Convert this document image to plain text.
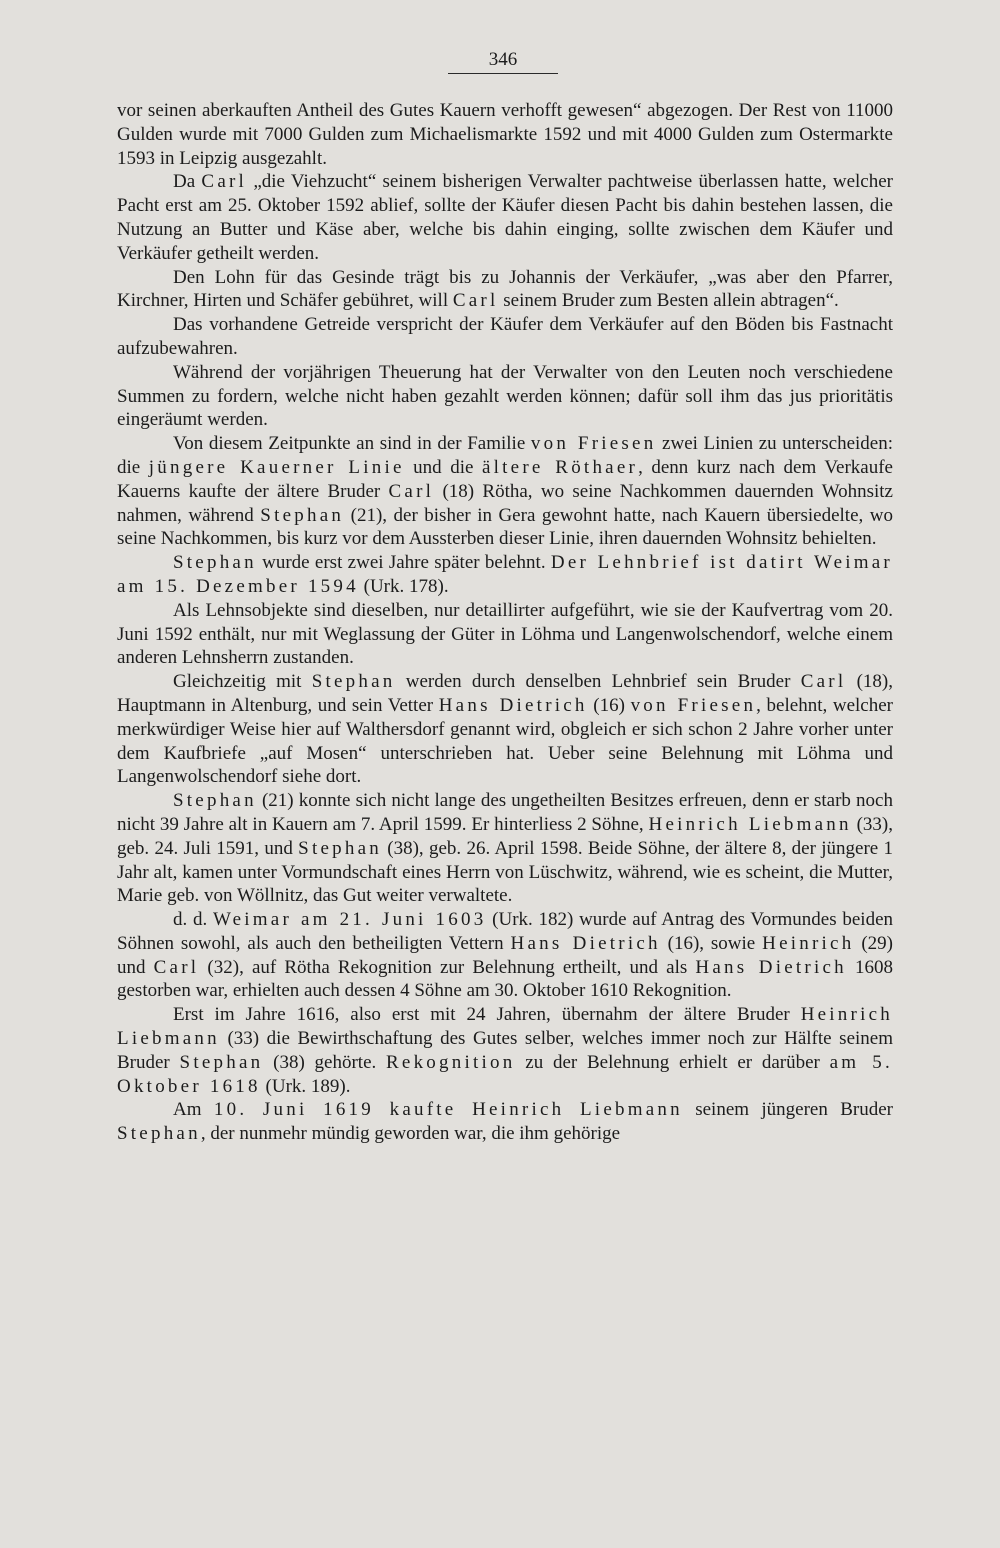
346

vor seinen aberkauften Antheil des Gutes Kauern verhofft gewesen“ abgezogen. Der Rest von 11000 Gulden wurde mit 7000 Gulden zum Michaelismarkte 1592 und mit 4000 Gulden zum Ostermarkte 1593 in Leipzig ausgezahlt.

Da Carl „die Viehzucht“ seinem bisherigen Verwalter pachtweise überlassen hatte, welcher Pacht erst am 25. Oktober 1592 ablief, sollte der Käufer diesen Pacht bis dahin bestehen lassen, die Nutzung an Butter und Käse aber, welche bis dahin einging, sollte zwischen dem Käufer und Verkäufer getheilt werden.

Den Lohn für das Gesinde trägt bis zu Johannis der Verkäufer, „was aber den Pfarrer, Kirchner, Hirten und Schäfer gebühret, will Carl seinem Bruder zum Besten allein abtragen“.

Das vorhandene Getreide verspricht der Käufer dem Verkäufer auf den Böden bis Fastnacht aufzubewahren.

Während der vorjährigen Theuerung hat der Verwalter von den Leuten noch verschiedene Summen zu fordern, welche nicht haben gezahlt werden können; dafür soll ihm das jus prioritätis eingeräumt werden.

Von diesem Zeitpunkte an sind in der Familie von Friesen zwei Linien zu unterscheiden: die jüngere Kauerner Linie und die ältere Röthaer, denn kurz nach dem Verkaufe Kauerns kaufte der ältere Bruder Carl (18) Rötha, wo seine Nachkommen dauernden Wohnsitz nahmen, während Stephan (21), der bisher in Gera gewohnt hatte, nach Kauern übersiedelte, wo seine Nachkommen, bis kurz vor dem Aussterben dieser Linie, ihren dauernden Wohnsitz behielten.

Stephan wurde erst zwei Jahre später belehnt. Der Lehnbrief ist datirt Weimar am 15. Dezember 1594 (Urk. 178).

Als Lehnsobjekte sind dieselben, nur detaillirter aufgeführt, wie sie der Kaufvertrag vom 20. Juni 1592 enthält, nur mit Weglassung der Güter in Löhma und Langenwolschendorf, welche einem anderen Lehnsherrn zustanden.

Gleichzeitig mit Stephan werden durch denselben Lehnbrief sein Bruder Carl (18), Hauptmann in Altenburg, und sein Vetter Hans Dietrich (16) von Friesen, belehnt, welcher merkwürdiger Weise hier auf Walthersdorf genannt wird, obgleich er sich schon 2 Jahre vorher unter dem Kaufbriefe „auf Mosen“ unterschrieben hat. Ueber seine Belehnung mit Löhma und Langenwolschendorf siehe dort.

Stephan (21) konnte sich nicht lange des ungetheilten Besitzes erfreuen, denn er starb noch nicht 39 Jahre alt in Kauern am 7. April 1599. Er hinterliess 2 Söhne, Heinrich Liebmann (33), geb. 24. Juli 1591, und Stephan (38), geb. 26. April 1598. Beide Söhne, der ältere 8, der jüngere 1 Jahr alt, kamen unter Vormundschaft eines Herrn von Lüschwitz, während, wie es scheint, die Mutter, Marie geb. von Wöllnitz, das Gut weiter verwaltete.

d. d. Weimar am 21. Juni 1603 (Urk. 182) wurde auf Antrag des Vormundes beiden Söhnen sowohl, als auch den betheiligten Vettern Hans Dietrich (16), sowie Heinrich (29) und Carl (32), auf Rötha Rekognition zur Belehnung ertheilt, und als Hans Dietrich 1608 gestorben war, erhielten auch dessen 4 Söhne am 30. Oktober 1610 Rekognition.

Erst im Jahre 1616, also erst mit 24 Jahren, übernahm der ältere Bruder Heinrich Liebmann (33) die Bewirthschaftung des Gutes selber, welches immer noch zur Hälfte seinem Bruder Stephan (38) gehörte. Rekognition zu der Belehnung erhielt er darüber am 5. Oktober 1618 (Urk. 189).

Am 10. Juni 1619 kaufte Heinrich Liebmann seinem jüngeren Bruder Stephan, der nunmehr mündig geworden war, die ihm gehörige
